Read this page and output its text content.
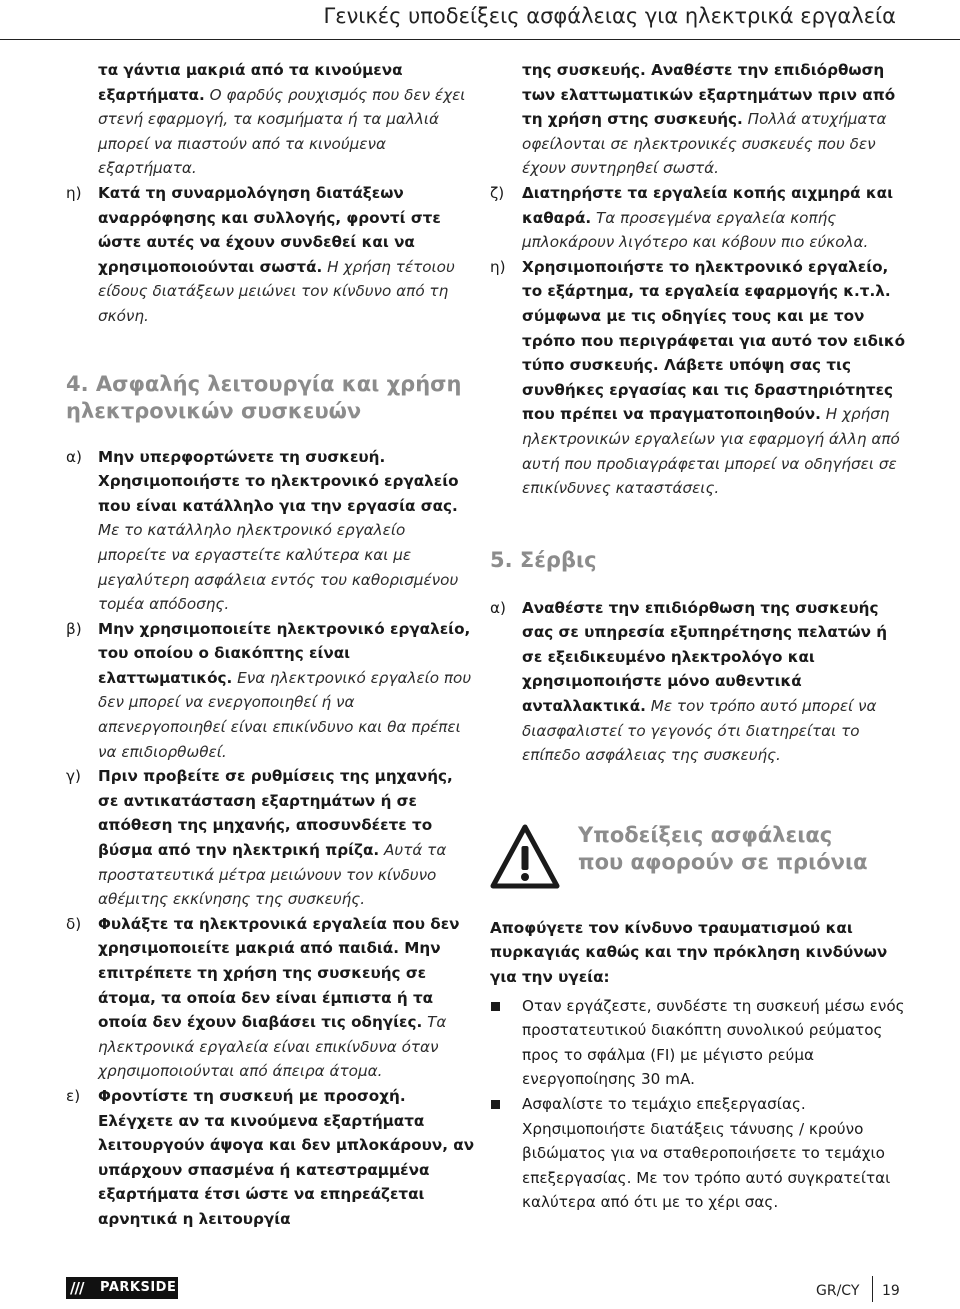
Γενικές υποδείξεις ασφάλειας για ηλεκτρικά εργαλεία

τα γάντια μακριά από τα κινούμενα εξαρτήματα. Ο φαρδύς ρουχισμός που δεν έχει στενή εφαρμογή, τα κοσμήματα ή τα μαλλιά μπορεί να πιαστούν από τα κινούμενα εξαρτήματα.

η) Κατά τη συναρμολόγηση διατάξεων αναρρόφησης και συλλογής, φροντί στε ώστε αυτές να έχουν συνδεθεί και να χρησιμοποιούνται σωστά. Η χρήση τέτοιου είδους διατάξεων μειώνει τον κίνδυνο από τη σκόνη.

4. Ασφαλής λειτουργία και χρήση ηλεκτρονικών συσκευών
α) Μην υπερφορτώνετε τη συσκευή. Χρησιμοποιήστε το ηλεκτρονικό εργαλείο που είναι κατάλληλο για την εργασία σας. Με το κατάλληλο ηλεκτρονικό εργαλείο μπορείτε να εργαστείτε καλύτερα και με μεγαλύτερη ασφάλεια εντός του καθορισμένου τομέα απόδοσης.

β) Μην χρησιμοποιείτε ηλεκτρονικό εργαλείο, του οποίου ο διακόπτης είναι ελαττωματικός. Ενα ηλεκτρονικό εργαλείο που δεν μπορεί να ενεργοποιηθεί ή να απενεργοποιηθεί είναι επικίνδυνο και θα πρέπει να επιδιορθωθεί.

γ) Πριν προβείτε σε ρυθμίσεις της μηχανής, σε αντικατάσταση εξαρτημάτων ή σε απόθεση της μηχανής, αποσυνδέετε το βύσμα από την ηλεκτρική πρίζα. Αυτά τα προστατευτικά μέτρα μειώνουν τον κίνδυνο αθέμιτης εκκίνησης της συσκευής.

δ) Φυλάξτε τα ηλεκτρονικά εργαλεία που δεν χρησιμοποιείτε μακριά από παιδιά. Μην επιτρέπετε τη χρήση της συσκευής σε άτομα, τα οποία δεν είναι έμπιστα ή τα οποία δεν έχουν διαβάσει τις οδηγίες. Τα ηλεκτρονικά εργαλεία είναι επικίνδυνα όταν χρησιμοποιούνται από άπειρα άτομα.

ε) Φροντίστε τη συσκευή με προσοχή. Ελέγχετε αν τα κινούμενα εξαρτήματα λειτουργούν άψογα και δεν μπλοκάρουν, αν υπάρχουν σπασμένα ή κατεστραμμένα εξαρτήματα έτσι ώστε να επηρεάζεται αρνητικά η λειτουργία

της συσκευής. Αναθέστε την επιδιόρθωση των ελαττωματικών εξαρτημάτων πριν από τη χρήση στης συσκευής. Πολλά ατυχήματα οφείλονται σε ηλεκτρονικές συσκευές που δεν έχουν συντηρηθεί σωστά.

ζ) Διατηρήστε τα εργαλεία κοπής αιχμηρά και καθαρά. Τα προσεγμένα εργαλεία κοπής μπλοκάρουν λιγότερο και κόβουν πιο εύκολα.

η) Χρησιμοποιήστε το ηλεκτρονικό εργαλείο, το εξάρτημα, τα εργαλεία εφαρμογής κ.τ.λ. σύμφωνα με τις οδηγίες τους και με τον τρόπο που περιγράφεται για αυτό τον ειδικό τύπο συσκευής. Λάβετε υπόψη σας τις συνθήκες εργασίας και τις δραστηριότητες που πρέπει να πραγματοποιηθούν. Η χρήση ηλεκτρονικών εργαλείων για εφαρμογή άλλη από αυτή που προδιαγράφεται μπορεί να οδηγήσει σε επικίνδυνες καταστάσεις.

5. Σέρβις
α) Αναθέστε την επιδιόρθωση της συσκευής σας σε υπηρεσία εξυπηρέτησης πελατών ή σε εξειδικευμένο ηλεκτρολόγο και χρησιμοποιήστε μόνο αυθεντικά ανταλλακτικά. Με τον τρόπο αυτό μπορεί να διασφαλιστεί το γεγονός ότι διατηρείται το επίπεδο ασφάλειας της συσκευής.

Υποδείξεις ασφάλειας που αφορούν σε πριόνια

Αποφύγετε τον κίνδυνο τραυματισμού και πυρκαγιάς καθώς και την πρόκληση κινδύνων για την υγεία:

Οταν εργάζεστε, συνδέστε τη συσκευή μέσω ενός προστατευτικού διακόπτη συνολικού ρεύματος προς το σφάλμα (FI) με μέγιστο ρεύμα ενεργοποίησης 30 mA.

Ασφαλίστε το τεμάχιο επεξεργασίας. Χρησιμοποιήστε διατάξεις τάνυσης / κρούνο βιδώματος για να σταθεροποιήσετε το τεμάχιο επεξεργασίας. Με τον τρόπο αυτό συγκρατείται καλύτερα από ότι με το χέρι σας.

/// PARKSIDE	GR/CY 19
